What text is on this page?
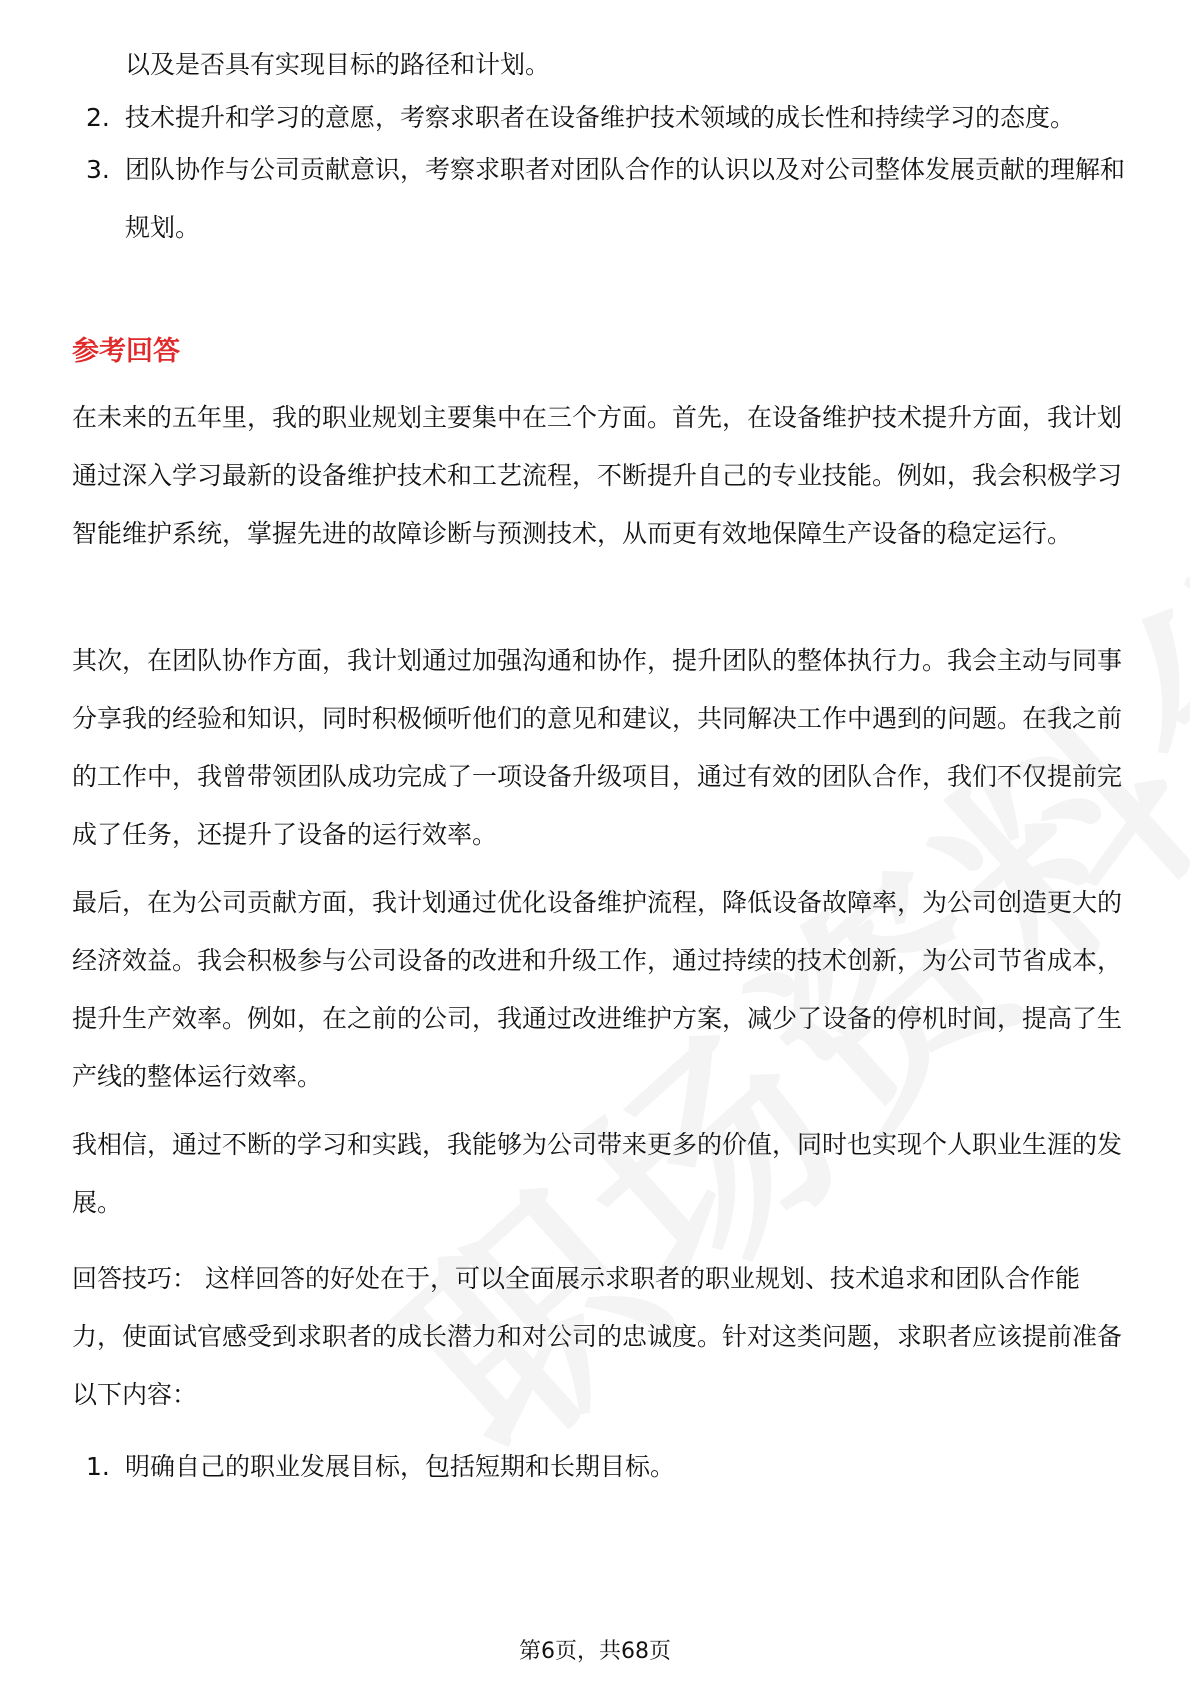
以及是否具有实现目标的路径和计划。
2. 技术提升和学习的意愿，考察求职者在设备维护技术领域的成长性和持续学习的态度。
3. 团队协作与公司贡献意识，考察求职者对团队合作的认识以及对公司整体发展贡献的理解和规划。
参考回答

在未来的五年里，我的职业规划主要集中在三个方面。首先，在设备维护技术提升方面，我计划通过深入学习最新的设备维护技术和工艺流程，不断提升自己的专业技能。例如，我会积极学习智能维护系统，掌握先进的故障诊断与预测技术，从而更有效地保障生产设备的稳定运行。

其次，在团队协作方面，我计划通过加强沟通和协作，提升团队的整体执行力。我会主动与同事分享我的经验和知识，同时积极倾听他们的意见和建议，共同解决工作中遇到的问题。在我之前的工作中，我曾带领团队成功完成了一项设备升级项目，通过有效的团队合作，我们不仅提前完成了任务，还提升了设备的运行效率。

最后，在为公司贡献方面，我计划通过优化设备维护流程，降低设备故障率，为公司创造更大的经济效益。我会积极参与公司设备的改进和升级工作，通过持续的技术创新，为公司节省成本，提升生产效率。例如，在之前的公司，我通过改进维护方案，减少了设备的停机时间，提高了生产线的整体运行效率。

我相信，通过不断的学习和实践，我能够为公司带来更多的价值，同时也实现个人职业生涯的发展。

回答技巧： 这样回答的好处在于，可以全面展示求职者的职业规划、技术追求和团队合作能力，使面试官感受到求职者的成长潜力和对公司的忠诚度。针对这类问题，求职者应该提前准备以下内容：

1. 明确自己的职业发展目标，包括短期和长期目标。
第6页，共68页
